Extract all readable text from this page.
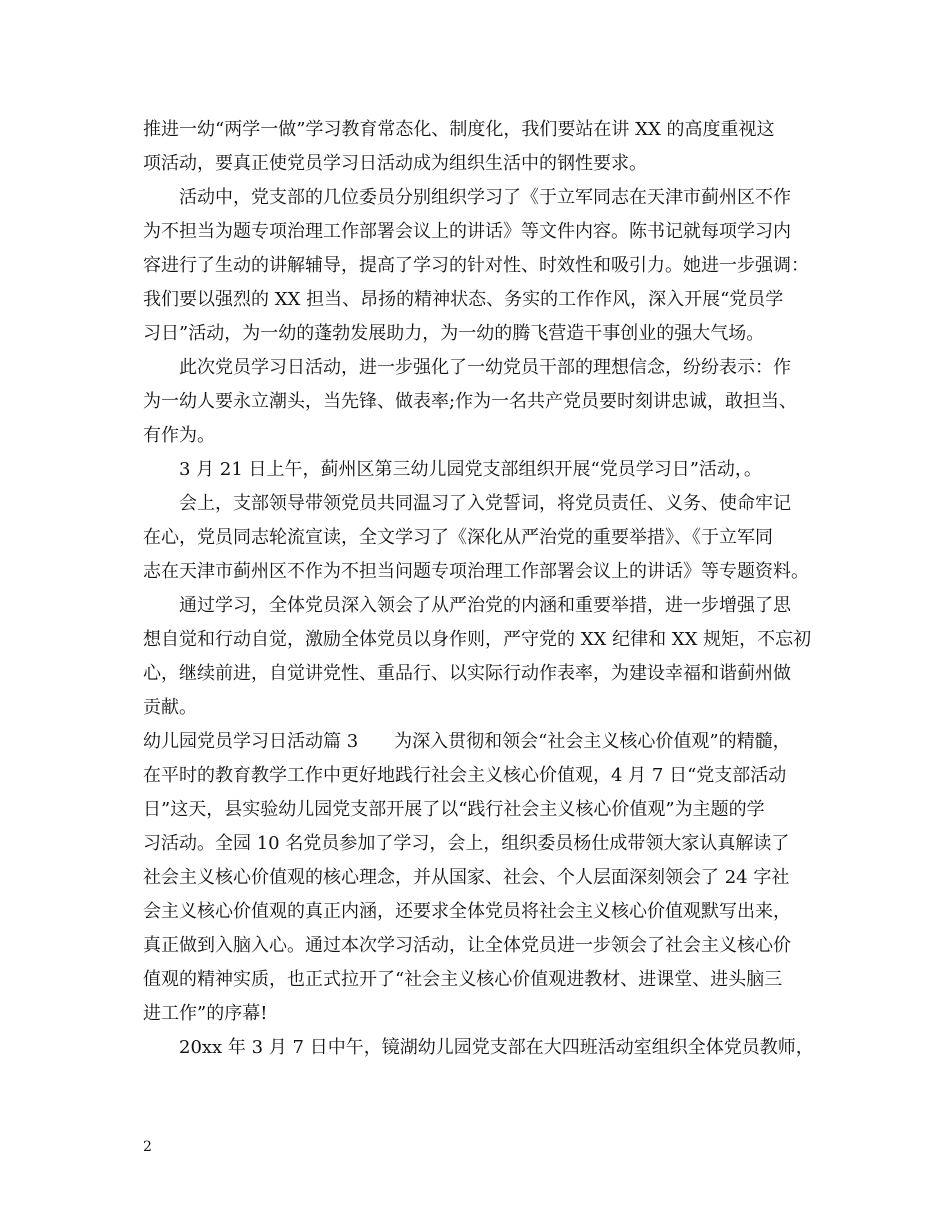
推进一幼“两学一做”学习教育常态化、制度化，我们要站在讲 XX 的高度重视这
项活动，要真正使党员学习日活动成为组织生活中的钢性要求。
活动中，党支部的几位委员分别组织学习了《于立军同志在天津市蓟州区不作
为不担当为题专项治理工作部署会议上的讲话》等文件内容。陈书记就每项学习内
容进行了生动的讲解辅导，提高了学习的针对性、时效性和吸引力。她进一步强调：
我们要以强烈的 XX 担当、昂扬的精神状态、务实的工作作风，深入开展“党员学
习日”活动，为一幼的蓬勃发展助力，为一幼的腾飞营造干事创业的强大气场。
此次党员学习日活动，进一步强化了一幼党员干部的理想信念，纷纷表示：作
为一幼人要永立潮头，当先锋、做表率;作为一名共产党员要时刻讲忠诚，敢担当、
有作为。
3 月 21 日上午，蓟州区第三幼儿园党支部组织开展“党员学习日”活动，。
会上，支部领导带领党员共同温习了入党誓词，将党员责任、义务、使命牢记
在心，党员同志轮流宣读，全文学习了《深化从严治党的重要举措》、《于立军同
志在天津市蓟州区不作为不担当问题专项治理工作部署会议上的讲话》等专题资料。
通过学习，全体党员深入领会了从严治党的内涵和重要举措，进一步增强了思
想自觉和行动自觉，激励全体党员以身作则，严守党的 XX 纪律和 XX 规矩，不忘初
心，继续前进，自觉讲党性、重品行、以实际行动作表率，为建设幸福和谐蓟州做
贡献。
幼儿园党员学习日活动篇 3　　为深入贯彻和领会“社会主义核心价值观”的精髓，
在平时的教育教学工作中更好地践行社会主义核心价值观，4 月 7 日“党支部活动
日”这天，县实验幼儿园党支部开展了以“践行社会主义核心价值观”为主题的学
习活动。全园 10 名党员参加了学习，会上，组织委员杨仕成带领大家认真解读了
社会主义核心价值观的核心理念，并从国家、社会、个人层面深刻领会了 24 字社
会主义核心价值观的真正内涵，还要求全体党员将社会主义核心价值观默写出来，
真正做到入脑入心。通过本次学习活动，让全体党员进一步领会了社会主义核心价
值观的精神实质，也正式拉开了“社会主义核心价值观进教材、进课堂、进头脑三
进工作”的序幕!
20xx 年 3 月 7 日中午，镜湖幼儿园党支部在大四班活动室组织全体党员教师，
2
